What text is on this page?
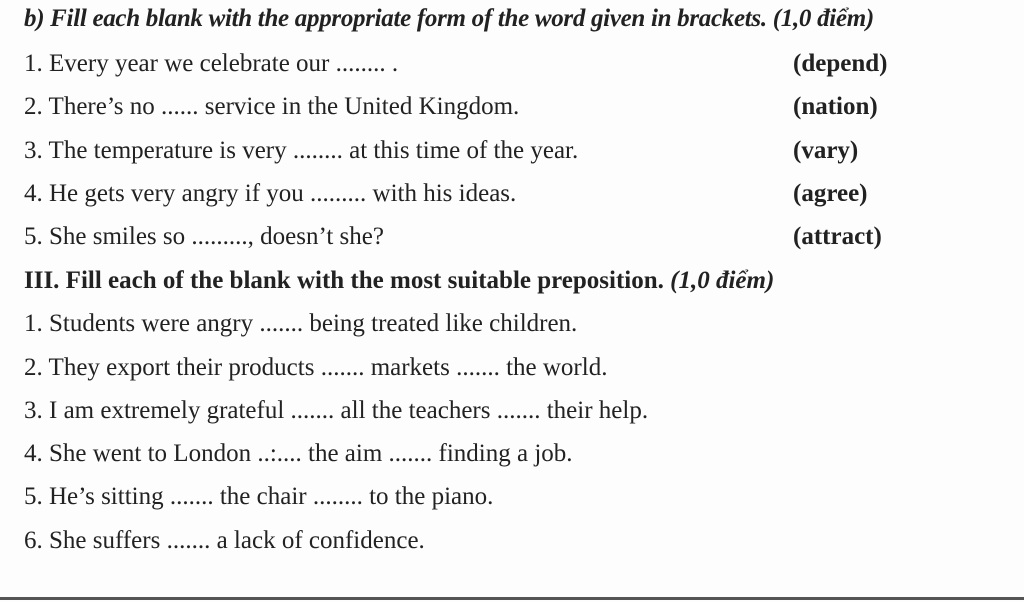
b) Fill each blank with the appropriate form of the word given in brackets. (1,0 điểm)
1. Every year we celebrate our ........ .	(depend)
2. There’s no ...... service in the United Kingdom.	(nation)
3. The temperature is very ........ at this time of the year.	(vary)
4. He gets very angry if you ......... with his ideas.	(agree)
5. She smiles so ........., doesn’t she?	(attract)
III. Fill each of the blank with the most suitable preposition. (1,0 điểm)
1. Students were angry ....... being treated like children.
2. They export their products ....... markets ....... the world.
3. I am extremely grateful ....... all the teachers ....... their help.
4. She went to London ..:.... the aim ....... finding a job.
5. He’s sitting ....... the chair ........ to the piano.
6. She suffers ....... a lack of confidence.
